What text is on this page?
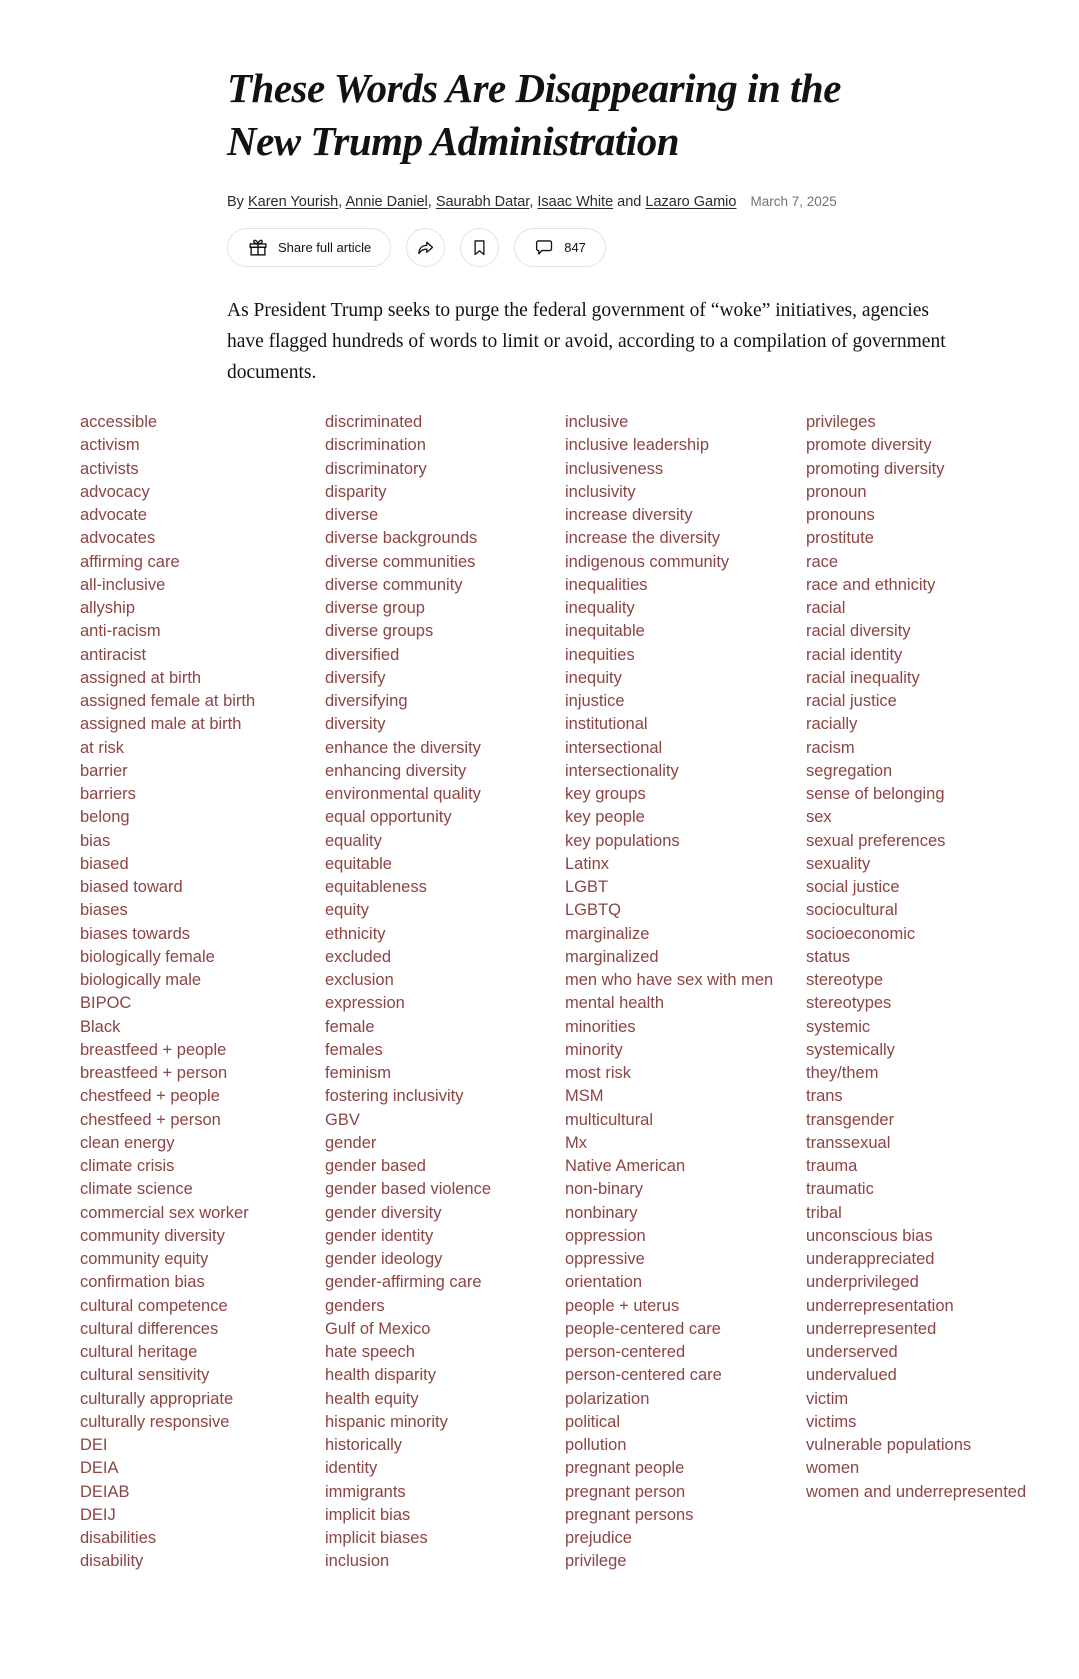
These Words Are Disappearing in the
New Trump Administration

By Karen Yourish, Annie Daniel, Saurabh Datar, Isaac White and Lazaro Gamio March 7, 2025

Share full article	847

As President Trump seeks to purge the federal government of “woke” initiatives, agencies have flagged hundreds of words to limit or avoid, according to a compilation of government documents.

accessible
activism
activists
advocacy
advocate
advocates
affirming care
all-inclusive
allyship
anti-racism
antiracist
assigned at birth
assigned female at birth
assigned male at birth
at risk
barrier
barriers
belong
bias
biased
biased toward
biases
biases towards
biologically female
biologically male
BIPOC
Black
breastfeed + people
breastfeed + person
chestfeed + people
chestfeed + person
clean energy
climate crisis
climate science
commercial sex worker
community diversity
community equity
confirmation bias
cultural competence
cultural differences
cultural heritage
cultural sensitivity
culturally appropriate
culturally responsive
DEI
DEIA
DEIAB
DEIJ
disabilities
disability
discriminated
discrimination
discriminatory
disparity
diverse
diverse backgrounds
diverse communities
diverse community
diverse group
diverse groups
diversified
diversify
diversifying
diversity
enhance the diversity
enhancing diversity
environmental quality
equal opportunity
equality
equitable
equitableness
equity
ethnicity
excluded
exclusion
expression
female
females
feminism
fostering inclusivity
GBV
gender
gender based
gender based violence
gender diversity
gender identity
gender ideology
gender-affirming care
genders
Gulf of Mexico
hate speech
health disparity
health equity
hispanic minority
historically
identity
immigrants
implicit bias
implicit biases
inclusion
inclusive
inclusive leadership
inclusiveness
inclusivity
increase diversity
increase the diversity
indigenous community
inequalities
inequality
inequitable
inequities
inequity
injustice
institutional
intersectional
intersectionality
key groups
key people
key populations
Latinx
LGBT
LGBTQ
marginalize
marginalized
men who have sex with men
mental health
minorities
minority
most risk
MSM
multicultural
Mx
Native American
non-binary
nonbinary
oppression
oppressive
orientation
people + uterus
people-centered care
person-centered
person-centered care
polarization
political
pollution
pregnant people
pregnant person
pregnant persons
prejudice
privilege
privileges
promote diversity
promoting diversity
pronoun
pronouns
prostitute
race
race and ethnicity
racial
racial diversity
racial identity
racial inequality
racial justice
racially
racism
segregation
sense of belonging
sex
sexual preferences
sexuality
social justice
sociocultural
socioeconomic
status
stereotype
stereotypes
systemic
systemically
they/them
trans
transgender
transsexual
trauma
traumatic
tribal
unconscious bias
underappreciated
underprivileged
underrepresentation
underrepresented
underserved
undervalued
victim
victims
vulnerable populations
women
women and underrepresented
